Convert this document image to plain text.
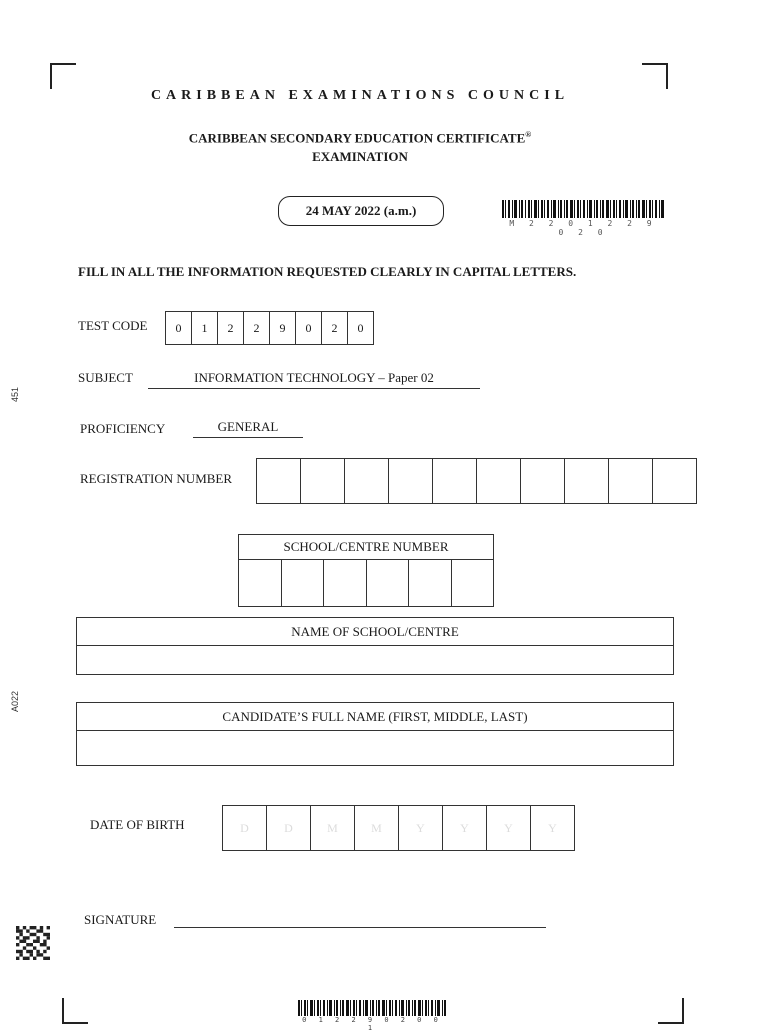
CARIBBEAN EXAMINATIONS COUNCIL
CARIBBEAN SECONDARY EDUCATION CERTIFICATE®
EXAMINATION
24 MAY 2022 (a.m.)
M 2 2 0 1 2 2 9 0 2 0
FILL IN ALL THE INFORMATION REQUESTED CLEARLY IN CAPITAL LETTERS.
TEST CODE	0	1	2	2	9	0	2	0
SUBJECT	INFORMATION TECHNOLOGY – Paper 02
PROFICIENCY	GENERAL
REGISTRATION NUMBER
SCHOOL/CENTRE NUMBER
NAME OF SCHOOL/CENTRE
CANDIDATE’S FULL NAME (FIRST, MIDDLE, LAST)
DATE OF BIRTH	D	D	M	M	Y	Y	Y	Y
SIGNATURE
451
A022
0 1 2 2 9 0 2 0 0 1
